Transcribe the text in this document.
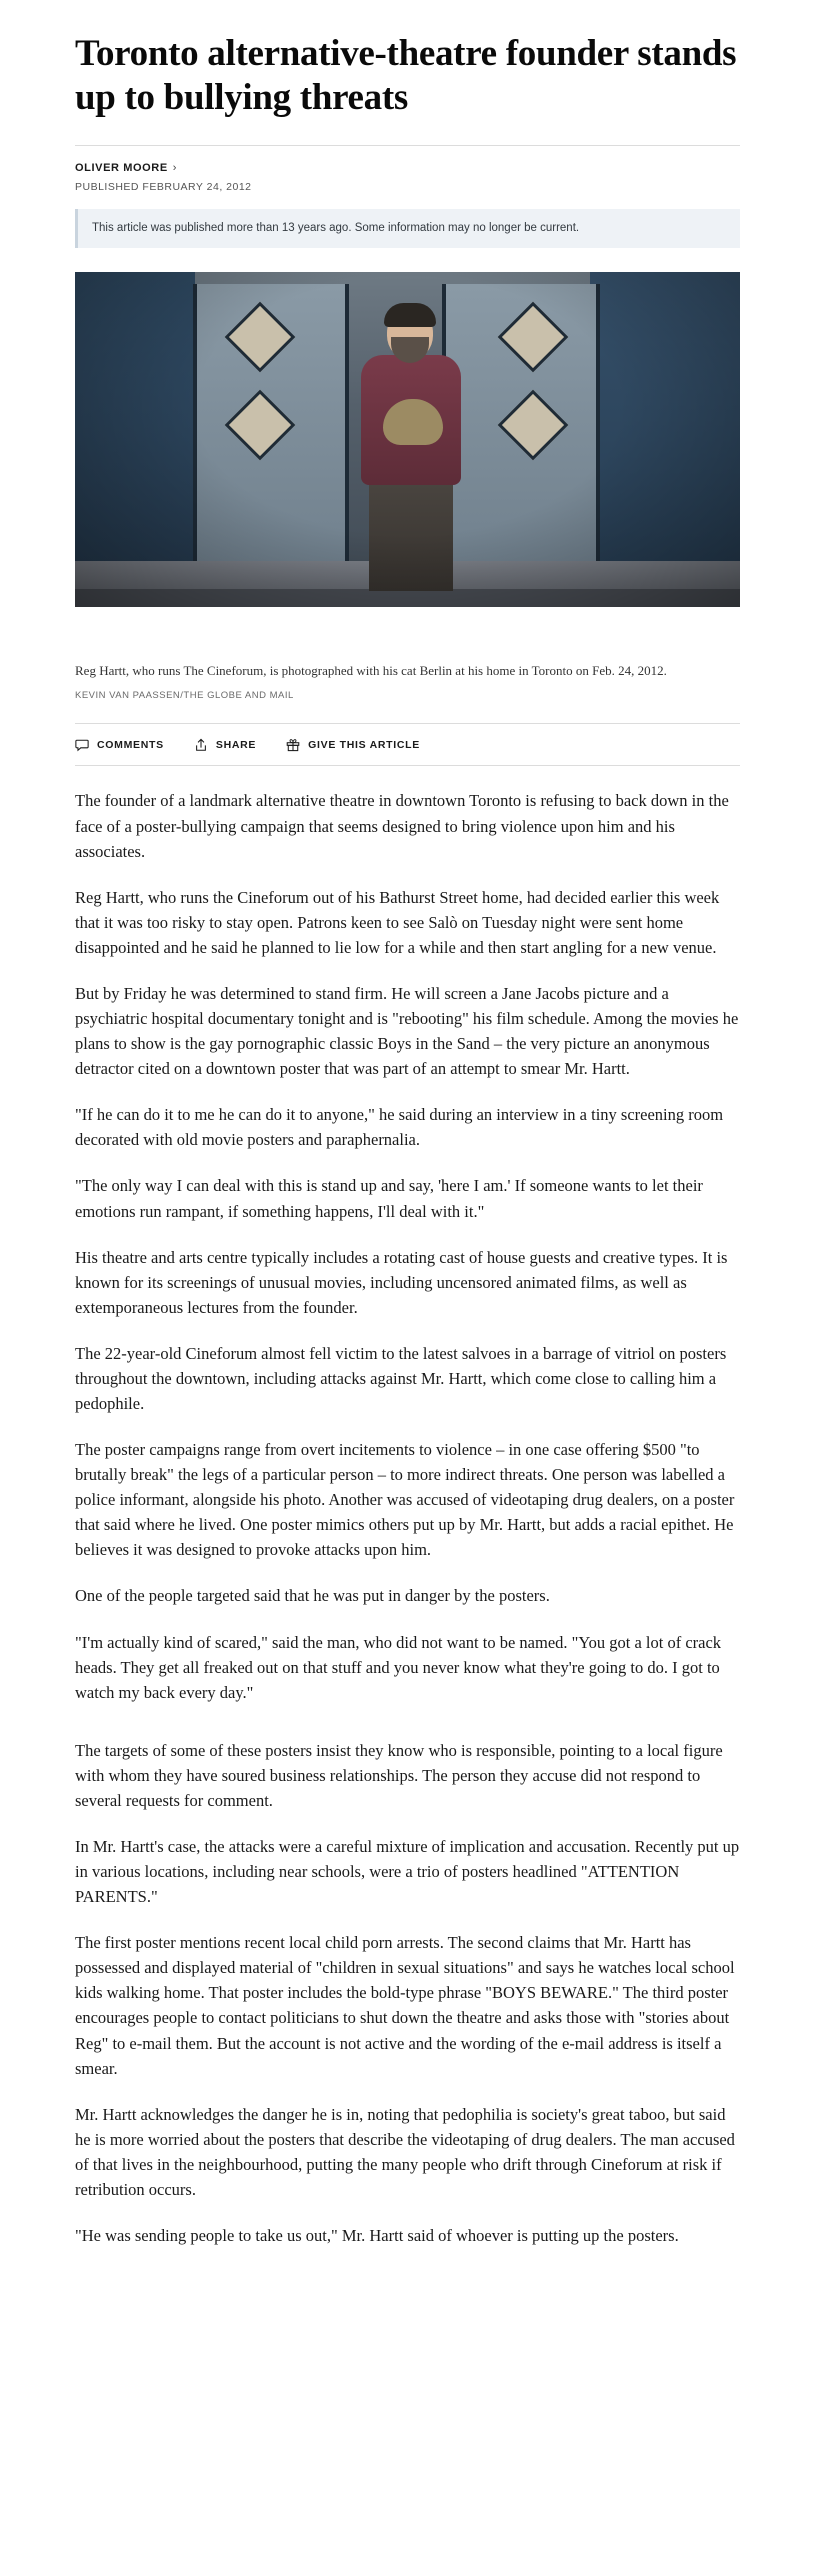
Toronto alternative-theatre founder stands up to bullying threats
OLIVER MOORE ›
PUBLISHED FEBRUARY 24, 2012
This article was published more than 13 years ago. Some information may no longer be current.
Reg Hartt, who runs The Cineforum, is photographed with his cat Berlin at his home in Toronto on Feb. 24, 2012.
KEVIN VAN PAASSEN/THE GLOBE AND MAIL
COMMENTS	SHARE	GIVE THIS ARTICLE

The founder of a landmark alternative theatre in downtown Toronto is refusing to back down in the face of a poster-bullying campaign that seems designed to bring violence upon him and his associates.

Reg Hartt, who runs the Cineforum out of his Bathurst Street home, had decided earlier this week that it was too risky to stay open. Patrons keen to see Salò on Tuesday night were sent home disappointed and he said he planned to lie low for a while and then start angling for a new venue.

But by Friday he was determined to stand firm. He will screen a Jane Jacobs picture and a psychiatric hospital documentary tonight and is "rebooting" his film schedule. Among the movies he plans to show is the gay pornographic classic Boys in the Sand – the very picture an anonymous detractor cited on a downtown poster that was part of an attempt to smear Mr. Hartt.

"If he can do it to me he can do it to anyone," he said during an interview in a tiny screening room decorated with old movie posters and paraphernalia.

"The only way I can deal with this is stand up and say, 'here I am.' If someone wants to let their emotions run rampant, if something happens, I'll deal with it."

His theatre and arts centre typically includes a rotating cast of house guests and creative types. It is known for its screenings of unusual movies, including uncensored animated films, as well as extemporaneous lectures from the founder.

The 22-year-old Cineforum almost fell victim to the latest salvoes in a barrage of vitriol on posters throughout the downtown, including attacks against Mr. Hartt, which come close to calling him a pedophile.

The poster campaigns range from overt incitements to violence – in one case offering $500 "to brutally break" the legs of a particular person – to more indirect threats. One person was labelled a police informant, alongside his photo. Another was accused of videotaping drug dealers, on a poster that said where he lived. One poster mimics others put up by Mr. Hartt, but adds a racial epithet. He believes it was designed to provoke attacks upon him.

One of the people targeted said that he was put in danger by the posters.

"I'm actually kind of scared," said the man, who did not want to be named. "You got a lot of crack heads. They get all freaked out on that stuff and you never know what they're going to do. I got to watch my back every day."

The targets of some of these posters insist they know who is responsible, pointing to a local figure with whom they have soured business relationships. The person they accuse did not respond to several requests for comment.

In Mr. Hartt's case, the attacks were a careful mixture of implication and accusation. Recently put up in various locations, including near schools, were a trio of posters headlined "ATTENTION PARENTS."

The first poster mentions recent local child porn arrests. The second claims that Mr. Hartt has possessed and displayed material of "children in sexual situations" and says he watches local school kids walking home. That poster includes the bold-type phrase "BOYS BEWARE." The third poster encourages people to contact politicians to shut down the theatre and asks those with "stories about Reg" to e-mail them. But the account is not active and the wording of the e-mail address is itself a smear.

Mr. Hartt acknowledges the danger he is in, noting that pedophilia is society's great taboo, but said he is more worried about the posters that describe the videotaping of drug dealers. The man accused of that lives in the neighbourhood, putting the many people who drift through Cineforum at risk if retribution occurs.

"He was sending people to take us out," Mr. Hartt said of whoever is putting up the posters.
